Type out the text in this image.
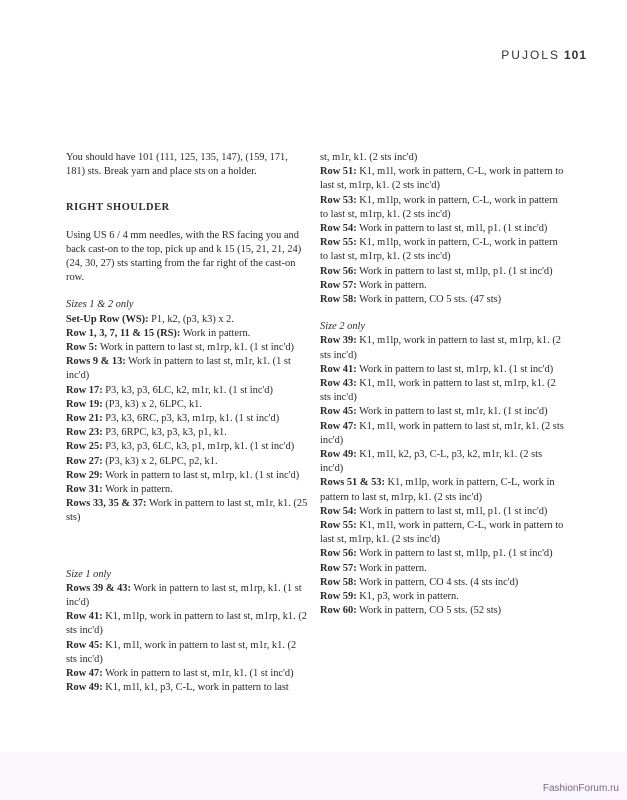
PUJOLS 101

You should have 101 (111, 125, 135, 147), (159, 171, 181) sts. Break yarn and place sts on a holder.

RIGHT SHOULDER

Using US 6 / 4 mm needles, with the RS facing you and back cast-on to the top, pick up and k 15 (15, 21, 21, 24) (24, 30, 27) sts starting from the far right of the cast-on row.

Sizes 1 & 2 only

Set-Up Row (WS): P1, k2, (p3, k3) x 2.

Row 1, 3, 7, 11 & 15 (RS): Work in pattern.

Row 5: Work in pattern to last st, m1rp, k1. (1 st inc'd)

Rows 9 & 13: Work in pattern to last st, m1r, k1. (1 st inc'd)

Row 17: P3, k3, p3, 6LC, k2, m1r, k1. (1 st inc'd)

Row 19: (P3, k3) x 2, 6LPC, k1.

Row 21: P3, k3, 6RC, p3, k3, m1rp, k1. (1 st inc'd)

Row 23: P3, 6RPC, k3, p3, k3, p1, k1.

Row 25: P3, k3, p3, 6LC, k3, p1, m1rp, k1. (1 st inc'd)

Row 27: (P3, k3) x 2, 6LPC, p2, k1.

Row 29: Work in pattern to last st, m1rp, k1. (1 st inc'd)

Row 31: Work in pattern.

Rows 33, 35 & 37: Work in pattern to last st, m1r, k1. (25 sts)

Size 1 only

Rows 39 & 43: Work in pattern to last st, m1rp, k1. (1 st inc'd)

Row 41: K1, m1lp, work in pattern to last st, m1rp, k1. (2 sts inc'd)

Row 45: K1, m1l, work in pattern to last st, m1r, k1. (2 sts inc'd)

Row 47: Work in pattern to last st, m1r, k1. (1 st inc'd)

Row 49: K1, m1l, k1, p3, C-L, work in pattern to last

st, m1r, k1. (2 sts inc'd)

Row 51: K1, m1l, work in pattern, C-L, work in pattern to last st, m1rp, k1. (2 sts inc'd)

Row 53: K1, m1lp, work in pattern, C-L, work in pattern to last st, m1rp, k1. (2 sts inc'd)

Row 54: Work in pattern to last st, m1l, p1. (1 st inc'd)

Row 55: K1, m1lp, work in pattern, C-L, work in pattern to last st, m1rp, k1. (2 sts inc'd)

Row 56: Work in pattern to last st, m1lp, p1. (1 st inc'd)

Row 57: Work in pattern.

Row 58: Work in pattern, CO 5 sts. (47 sts)

Size 2 only

Row 39: K1, m1lp, work in pattern to last st, m1rp, k1. (2 sts inc'd)

Row 41: Work in pattern to last st, m1rp, k1. (1 st inc'd)

Row 43: K1, m1l, work in pattern to last st, m1rp, k1. (2 sts inc'd)

Row 45: Work in pattern to last st, m1r, k1. (1 st inc'd)

Row 47: K1, m1l, work in pattern to last st, m1r, k1. (2 sts inc'd)

Row 49: K1, m1l, k2, p3, C-L, p3, k2, m1r, k1. (2 sts inc'd)

Rows 51 & 53: K1, m1lp, work in pattern, C-L, work in pattern to last st, m1rp, k1. (2 sts inc'd)

Row 54: Work in pattern to last st, m1l, p1. (1 st inc'd)

Row 55: K1, m1l, work in pattern, C-L, work in pattern to last st, m1rp, k1. (2 sts inc'd)

Row 56: Work in pattern to last st, m1lp, p1. (1 st inc'd)

Row 57: Work in pattern.

Row 58: Work in pattern, CO 4 sts. (4 sts inc'd)

Row 59: K1, p3, work in pattern.

Row 60: Work in pattern, CO 5 sts. (52 sts)

FashionForum.ru
